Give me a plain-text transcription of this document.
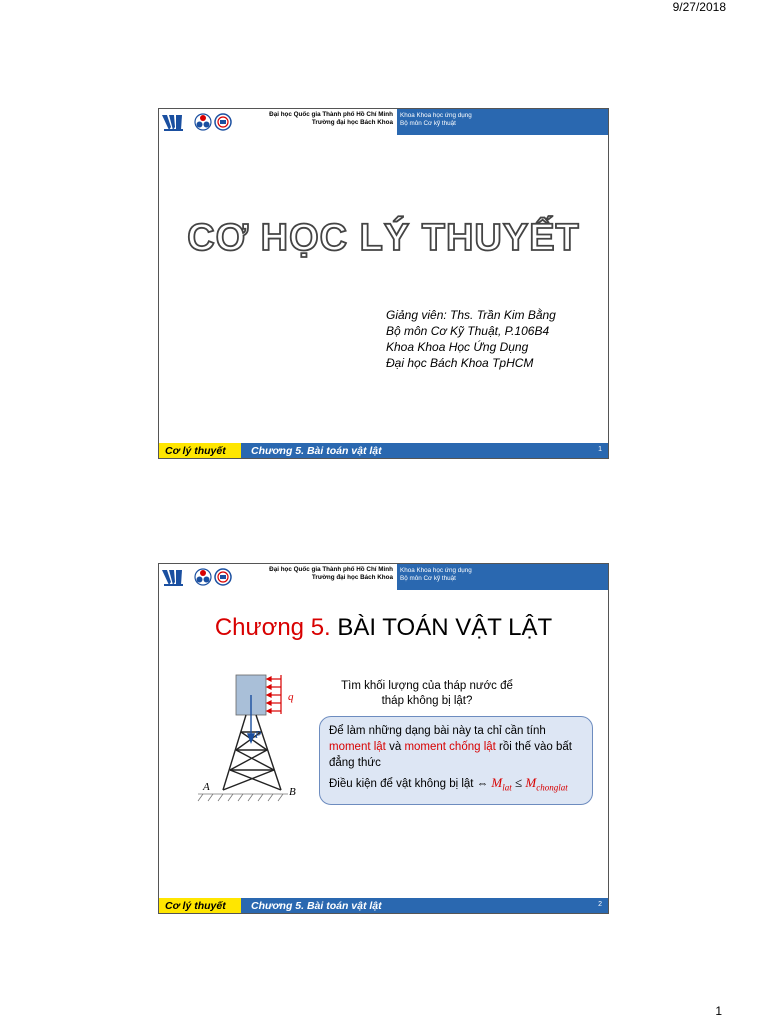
9/27/2018
Đại học Quốc gia Thành phố Hồ Chí Minh
Trường đại học Bách Khoa
Khoa Khoa học ứng dụng
Bộ môn Cơ kỹ thuật
CƠ HỌC LÝ THUYẾT
Giảng viên: Ths. Trần Kim Bằng
Bộ môn Cơ Kỹ Thuật, P.106B4
Khoa Khoa Học Ứng Dụng
Đại học Bách Khoa TpHCM
Cơ lý thuyết	Chương 5. Bài toán vật lật	1
Đại học Quốc gia Thành phố Hồ Chí Minh
Trường đại học Bách Khoa
Khoa Khoa học ứng dụng
Bộ môn Cơ kỹ thuật
Chương 5. BÀI TOÁN VẬT LẬT
q
P
A	B
Tìm khối lượng của tháp nước để tháp không bị lật?
Để làm những dạng bài này ta chỉ cần tính moment lật và moment chống lật rồi thế vào bất đẳng thức
Điều kiện để vật không bị lật ⇔ $M_{lat} \le M_{chonglat}$
Cơ lý thuyết	Chương 5. Bài toán vật lật	2
1
